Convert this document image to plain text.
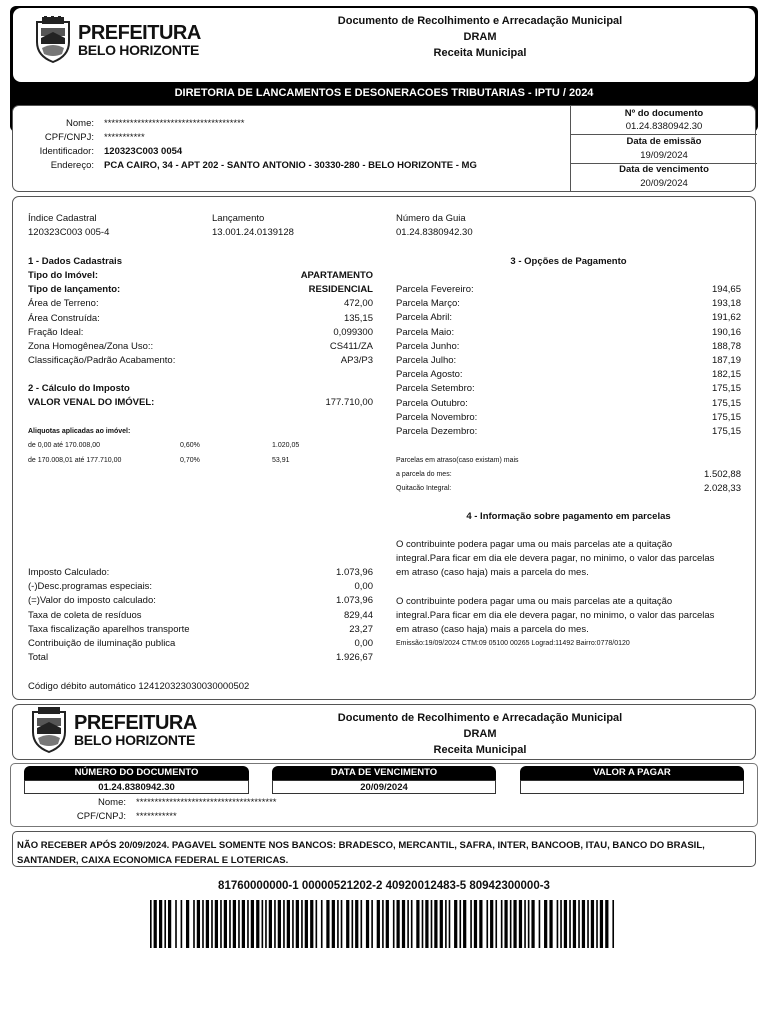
PREFEITURA
BELO HORIZONTE
Documento de Recolhimento e Arrecadação Municipal
DRAM
Receita Municipal
DIRETORIA DE LANCAMENTOS E DESONERACOES TRIBUTARIAS - IPTU / 2024
Nome: **************************************
CPF/CNPJ: ***********
Identificador: 120323C003 0054
Endereço: PCA CAIRO, 34 - APT 202 - SANTO ANTONIO - 30330-280 - BELO HORIZONTE - MG
Nº do documento
01.24.8380942.30
Data de emissão
19/09/2024
Data de vencimento
20/09/2024
Índice Cadastral
120323C003 005-4
Lançamento
13.001.24.0139128
Número da Guia
01.24.8380942.30
1 - Dados Cadastrais
Tipo do Imóvel:	APARTAMENTO
Tipo de lançamento:	RESIDENCIAL
Área de Terreno:	472,00
Área Construída:	135,15
Fração Ideal:	0,099300
Zona Homogênea/Zona Uso::	CS411/ZA
Classificação/Padrão Acabamento:	AP3/P3
2 - Cálculo do Imposto
VALOR VENAL DO IMÓVEL:	177.710,00
Aliquotas aplicadas ao imóvel:
de 0,00 até 170.008,00	0,60%	1.020,05
de 170.008,01 até 177.710,00	0,70%	53,91
Imposto Calculado:	1.073,96
(-)Desc.programas especiais:	0,00
(=)Valor do imposto calculado:	1.073,96
Taxa de coleta de resíduos	829,44
Taxa fiscalização aparelhos transporte	23,27
Contribuição de iluminação publica	0,00
Total	1.926,67
Código débito automático 124120323030030000502
3 - Opções de Pagamento
Parcela Fevereiro:	194,65
Parcela Março:	193,18
Parcela Abril:	191,62
Parcela Maio:	190,16
Parcela Junho:	188,78
Parcela Julho:	187,19
Parcela Agosto:	182,15
Parcela Setembro:	175,15
Parcela Outubro:	175,15
Parcela Novembro:	175,15
Parcela Dezembro:	175,15
Parcelas em atraso(caso existam) mais
a parcela do mes:	1.502,88
Quitacão Integral:	2.028,33
4 - Informação sobre pagamento em parcelas
O contribuinte podera pagar uma ou mais parcelas ate a quitação
integral.Para ficar em dia ele devera pagar, no minimo, o valor das parcelas
em atraso (caso haja) mais a parcela do mes.
O contribuinte podera pagar uma ou mais parcelas ate a quitação
integral.Para ficar em dia ele devera pagar, no minimo, o valor das parcelas
em atraso (caso haja) mais a parcela do mes.
Emissão:19/09/2024 CTM:09 05100 00265 Lograd:11492 Bairro:0778/0120
PREFEITURA
BELO HORIZONTE
Documento de Recolhimento e Arrecadação Municipal
DRAM
Receita Municipal
NÚMERO DO DOCUMENTO
01.24.8380942.30
DATA DE VENCIMENTO
20/09/2024
VALOR A PAGAR
Nome: **************************************
CPF/CNPJ: ***********
NÃO RECEBER APÓS 20/09/2024. PAGAVEL SOMENTE NOS BANCOS: BRADESCO, MERCANTIL, SAFRA, INTER, BANCOOB, ITAU, BANCO DO BRASIL,
SANTANDER, CAIXA ECONOMICA FEDERAL E LOTERICAS.
81760000000-1 00000521202-2 40920012483-5 80942300000-3
